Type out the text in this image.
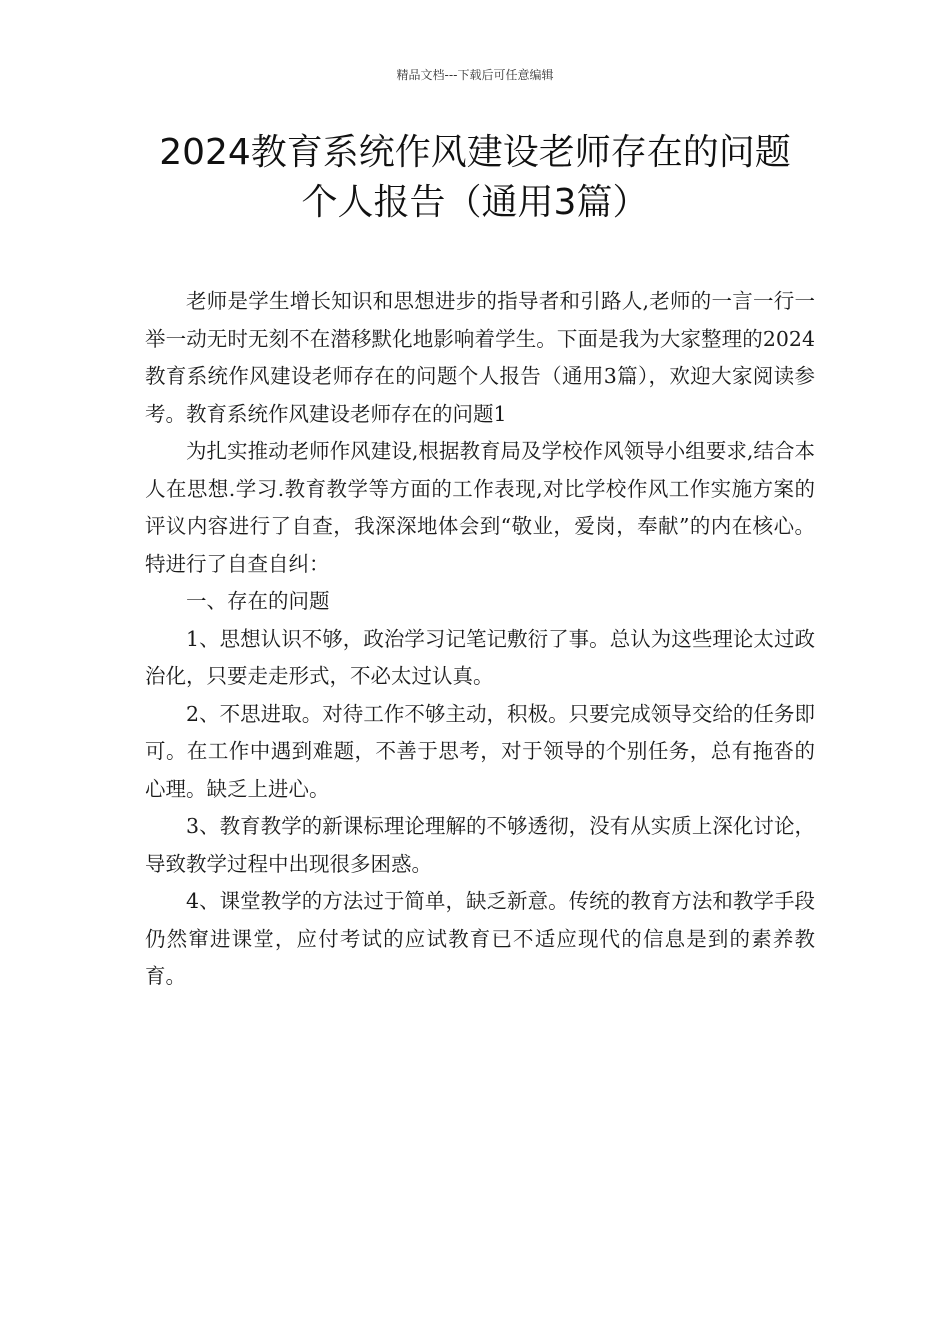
精品文档---下载后可任意编辑
2024教育系统作风建设老师存在的问题
个人报告（通用3篇）

老师是学生增长知识和思想进步的指导者和引路人,老师的一言一行一举一动无时无刻不在潜移默化地影响着学生。下面是我为大家整理的2024教育系统作风建设老师存在的问题个人报告（通用3篇），欢迎大家阅读参考。教育系统作风建设老师存在的问题1

为扎实推动老师作风建设,根据教育局及学校作风领导小组要求,结合本人在思想.学习.教育教学等方面的工作表现,对比学校作风工作实施方案的评议内容进行了自查，我深深地体会到“敬业，爱岗，奉献”的内在核心。特进行了自查自纠：

一、存在的问题

1、思想认识不够，政治学习记笔记敷衍了事。总认为这些理论太过政治化，只要走走形式，不必太过认真。

2、不思进取。对待工作不够主动，积极。只要完成领导交给的任务即可。在工作中遇到难题，不善于思考，对于领导的个别任务，总有拖沓的心理。缺乏上进心。

3、教育教学的新课标理论理解的不够透彻，没有从实质上深化讨论，导致教学过程中出现很多困惑。

4、课堂教学的方法过于简单，缺乏新意。传统的教育方法和教学手段仍然窜进课堂，应付考试的应试教育已不适应现代的信息是到的素养教育。
